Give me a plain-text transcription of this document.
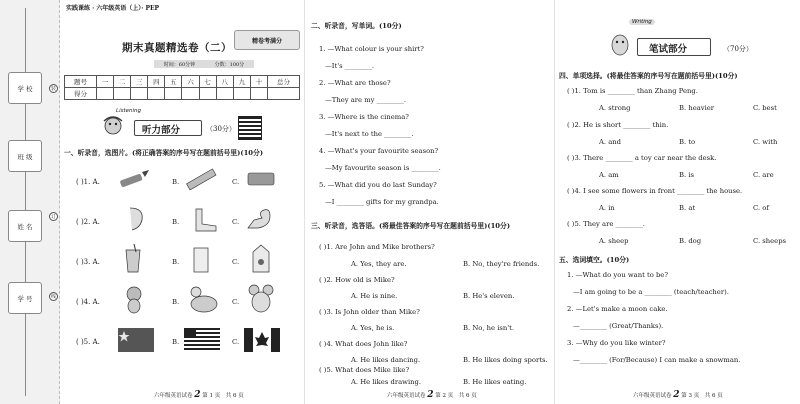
学 校
班 级
姓 名
学 号
装
订
线
实践课练 · 六年级英语（上）· PEP
期末真题精选卷（二）
精卷考满分
时间：60分钟	分数：100分
题号	一	二	三	四	五	六	七	八	九	十	总分
得分											
Listening
听力部分	（30分）
一、听录音，选图片。(将正确答案的序号写在题前括号里)(10分)
( )1. A.	B.	C.
( )2. A.	B.	C.
( )3. A.	B.	C.
( )4. A.	B.	C.
( )5. A.	B.	C.
六年级英语试卷 2 第 1 页　共 6 页
二、听录音，写单词。(10分)
1. —What colour is your shirt?
—It's ________.
2. —What are those?
—They are my ________.
3. —Where is the cinema?
—It's next to the ________.
4. —What's your favourite season?
—My favourite season is ________.
5. —What did you do last Sunday?
—I ________ gifts for my grandpa.
三、听录音，选答语。(将最佳答案的序号写在题前括号里)(10分)
( )1. Are John and Mike brothers?
A. Yes, they are.	B. No, they're friends.
( )2. How old is Mike?
A. He is nine.	B. He's eleven.
( )3. Is John older than Mike?
A. Yes, he is.	B. No, he isn't.
( )4. What does John like?
A. He likes dancing.	B. He likes doing sports.
( )5. What does Mike like?
A. He likes drawing.	B. He likes eating.
六年级英语试卷 2 第 2 页　共 6 页
Writing
笔试部分	（70分）
四、单项选择。(将最佳答案的序号写在题前括号里)(10分)
( )1. Tom is ________ than Zhang Peng.
A. strong	B. heavier	C. best
( )2. He is short ________ thin.
A. and	B. to	C. with
( )3. There ________ a toy car near the desk.
A. am	B. is	C. are
( )4. I see some flowers in front ________ the house.
A. in	B. at	C. of
( )5. They are ________.
A. sheep	B. dog	C. sheeps
五、选词填空。(10分)
1. —What do you want to be?
—I am going to be a ________ (teach/teacher).
2. —Let's make a moon cake.
—________ (Great/Thanks).
3. —Why do you like winter?
—________ (For/Because) I can make a snowman.
六年级英语试卷 2 第 3 页　共 6 页
